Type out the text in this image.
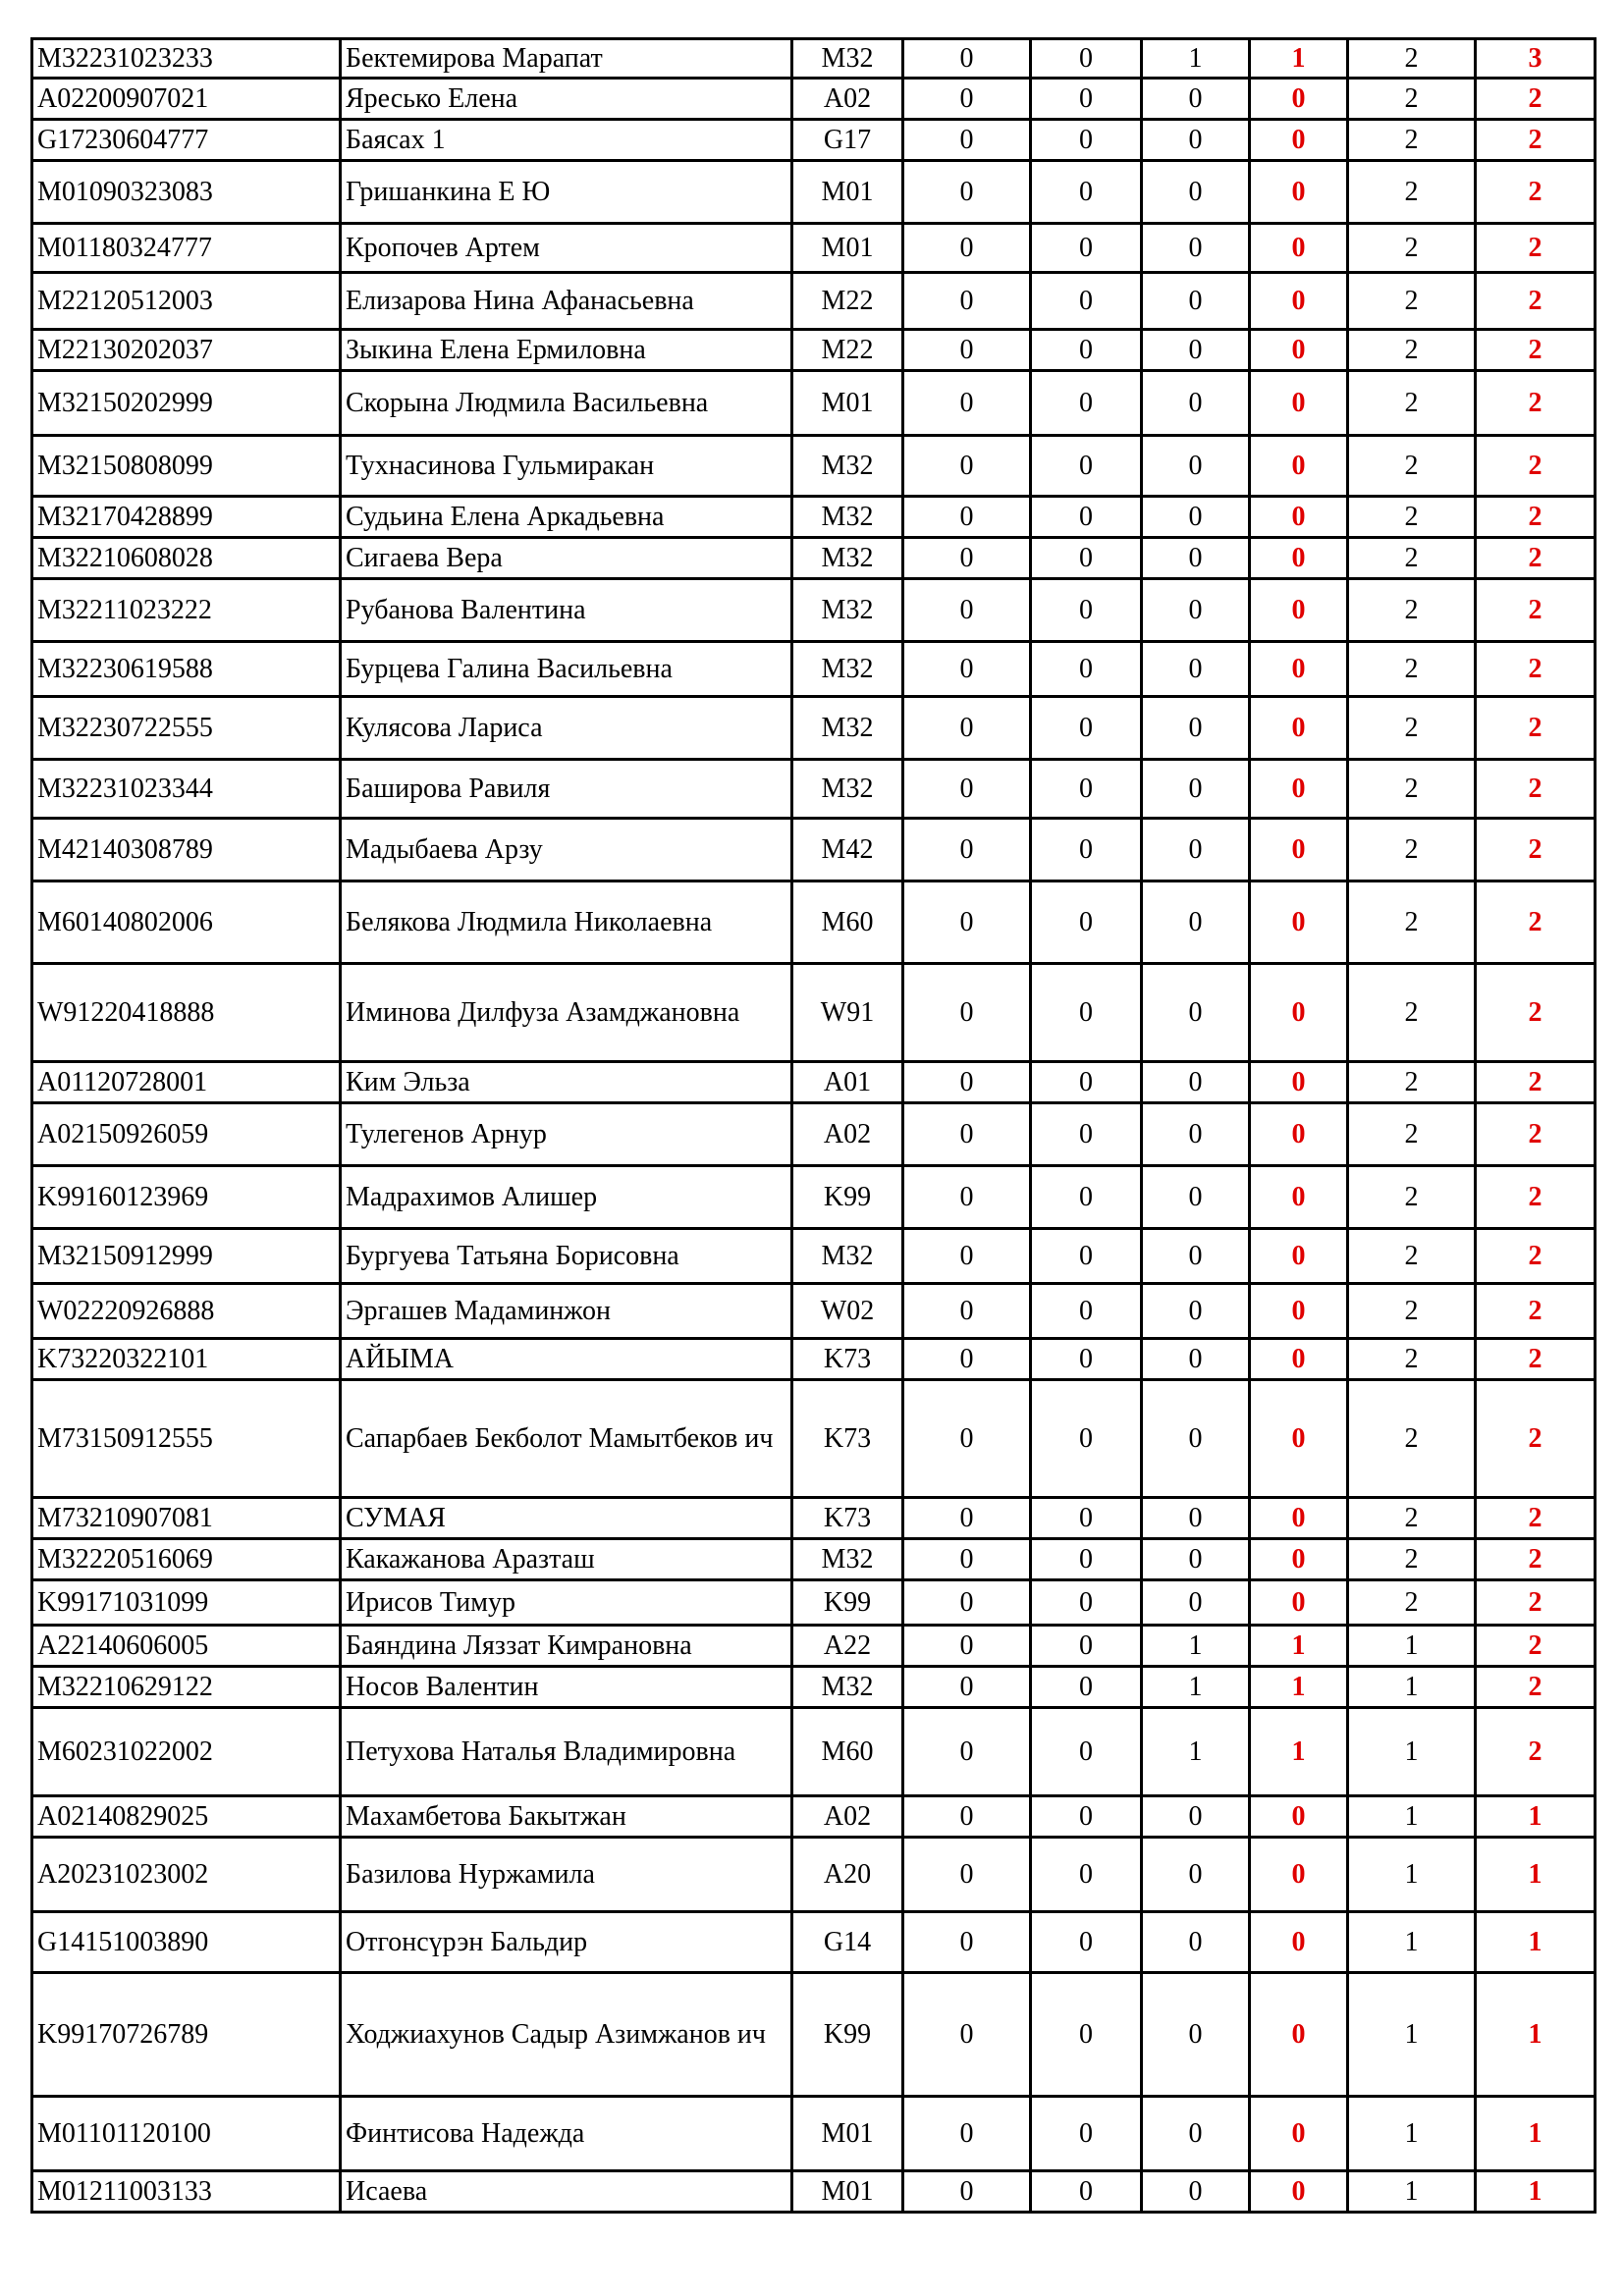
M32231023233	Бектемирова Марапат	M32	0	0	1	1	2	3
A02200907021	Яресько Елена	A02	0	0	0	0	2	2
G17230604777	Баясах 1	G17	0	0	0	0	2	2
M01090323083	Гришанкина Е Ю	M01	0	0	0	0	2	2
M01180324777	Кропочев Артем	M01	0	0	0	0	2	2
M22120512003	Елизарова Нина Афанасьевна	M22	0	0	0	0	2	2
M22130202037	Зыкина Елена Ермиловна	M22	0	0	0	0	2	2
M32150202999	Скорына Людмила Васильевна	M01	0	0	0	0	2	2
M32150808099	Тухнасинова Гульмиракан	M32	0	0	0	0	2	2
M32170428899	Судьина Елена Аркадьевна	M32	0	0	0	0	2	2
M32210608028	Сигаева Вера	M32	0	0	0	0	2	2
M32211023222	Рубанова Валентина	M32	0	0	0	0	2	2
M32230619588	Бурцева Галина Васильевна	M32	0	0	0	0	2	2
M32230722555	Кулясова Лариса	M32	0	0	0	0	2	2
M32231023344	Баширова Равиля	M32	0	0	0	0	2	2
M42140308789	Мадыбаева Арзу	M42	0	0	0	0	2	2
M60140802006	Белякова Людмила Николаевна	M60	0	0	0	0	2	2
W91220418888	Иминова Дилфуза Азамджановна	W91	0	0	0	0	2	2
A01120728001	Ким Эльза	A01	0	0	0	0	2	2
A02150926059	Тулегенов Арнур	A02	0	0	0	0	2	2
K99160123969	Мадрахимов Алишер	K99	0	0	0	0	2	2
M32150912999	Бургуева Татьяна Борисовна	M32	0	0	0	0	2	2
W02220926888	Эргашев Мадаминжон	W02	0	0	0	0	2	2
K73220322101	АЙЫМА	K73	0	0	0	0	2	2
M73150912555	Сапарбаев Бекболот Мамытбеков ич	K73	0	0	0	0	2	2
M73210907081	СУМАЯ	K73	0	0	0	0	2	2
M32220516069	Какажанова Аразташ	M32	0	0	0	0	2	2
K99171031099	Ирисов Тимур	K99	0	0	0	0	2	2
A22140606005	Баяндина Ляззат Кимрановна	A22	0	0	1	1	1	2
M32210629122	Носов Валентин	M32	0	0	1	1	1	2
M60231022002	Петухова Наталья Владимировна	M60	0	0	1	1	1	2
A02140829025	Махамбетова Бакытжан	A02	0	0	0	0	1	1
A20231023002	Базилова Нуржамила	A20	0	0	0	0	1	1
G14151003890	Отгонсүрэн Бальдир	G14	0	0	0	0	1	1
K99170726789	Ходжиахунов Садыр Азимжанов ич	K99	0	0	0	0	1	1
M01101120100	Финтисова Надежда	M01	0	0	0	0	1	1
M01211003133	Исаева	M01	0	0	0	0	1	1
